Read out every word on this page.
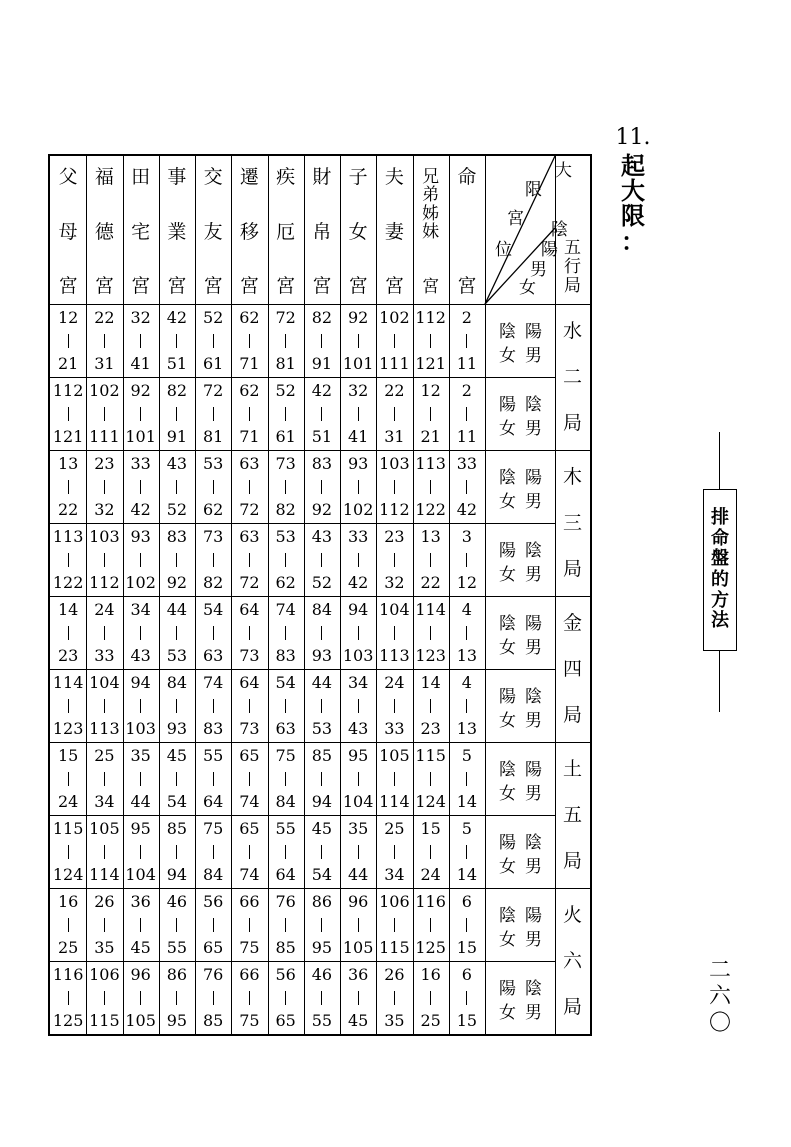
11.
起
大
限
：
父
母
宮
福
德
宮
田
宅
宮
事
業
宮
交
友
宮
遷
移
宮
疾
厄
宮
財
帛
宮
子
女
宮
夫
妻
宮
兄
弟
姊
妹
宮
命
宮
大
限
宮
位
陰
陽
男
女
五
行
局
12
21
22
31
32
41
42
51
52
61
62
71
72
81
82
91
92
101
102
111
112
121
2
11
陰 陽
女 男
112
121
102
111
92
101
82
91
72
81
62
71
52
61
42
51
32
41
22
31
12
21
2
11
陽 陰
女 男
13
22
23
32
33
42
43
52
53
62
63
72
73
82
83
92
93
102
103
112
113
122
33
42
陰 陽
女 男
113
122
103
112
93
102
83
92
73
82
63
72
53
62
43
52
33
42
23
32
13
22
3
12
陽 陰
女 男
14
23
24
33
34
43
44
53
54
63
64
73
74
83
84
93
94
103
104
113
114
123
4
13
陰 陽
女 男
114
123
104
113
94
103
84
93
74
83
64
73
54
63
44
53
34
43
24
33
14
23
4
13
陽 陰
女 男
15
24
25
34
35
44
45
54
55
64
65
74
75
84
85
94
95
104
105
114
115
124
5
14
陰 陽
女 男
115
124
105
114
95
104
85
94
75
84
65
74
55
64
45
54
35
44
25
34
15
24
5
14
陽 陰
女 男
16
25
26
35
36
45
46
55
56
65
66
75
76
85
86
95
96
105
106
115
116
125
6
15
陰 陽
女 男
116
125
106
115
96
105
86
95
76
85
66
75
56
65
46
55
36
45
26
35
16
25
6
15
陽 陰
女 男
水
二
局
木
三
局
金
四
局
土
五
局
火
六
局
排
命
盤
的
方
法
二
六
〇
